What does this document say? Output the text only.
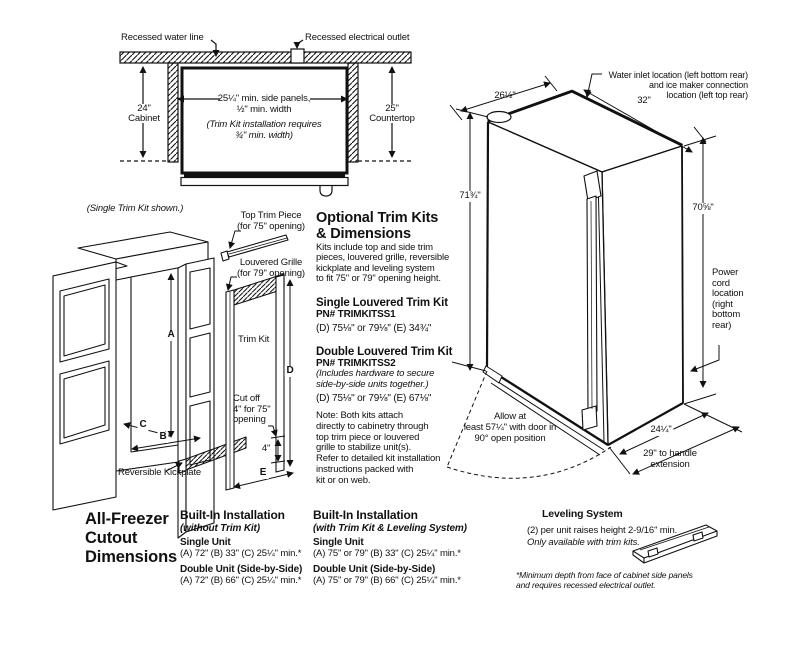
Recessed water line	Recessed electrical outlet
24"
Cabinet
25"
Countertop
25¼" min. side panels,
½" min. width
(Trim Kit installation requires
¾" min. width)
(Single Trim Kit shown.)
Top Trim Piece
(for 75" opening)
Louvered Grille
(for 79" opening)
Trim Kit
Cut off
4" for 75"
opening
4"
A
B
C
D
E
Reversible Kickplate
Optional Trim Kits
& Dimensions
Kits include top and side trim
pieces, louvered grille, reversible
kickplate and leveling system
to fit 75" or 79" opening height.
Single Louvered Trim Kit
PN# TRIMKITSS1
(D) 75⅛" or 79⅛" (E) 34¾"
Double Louvered Trim Kit
PN# TRIMKITSS2
(Includes hardware to secure
side-by-side units together.)
(D) 75⅛" or 79⅛" (E) 67⅛"
Note: Both kits attach
directly to cabinetry through
top trim piece or louvered
grille to stabilize unit(s).
Refer to detailed kit installation
instructions packed with
kit or on web.
Water inlet location (left bottom rear)
and ice maker connection
location (left top rear)
26½"	32"
71¾"
70⅝"
Power
cord
location
(right
bottom
rear)
Allow at
least 57¼" with door in
90° open position
24¼"
29" to handle
extension
All-Freezer
Cutout
Dimensions
Built-In Installation
(without Trim Kit)
Single Unit
(A) 72" (B) 33" (C) 25¼" min.*
Double Unit (Side-by-Side)
(A) 72" (B) 66" (C) 25¼" min.*
Built-In Installation
(with Trim Kit & Leveling System)
Single Unit
(A) 75" or 79" (B) 33" (C) 25¼" min.*
Double Unit (Side-by-Side)
(A) 75" or 79" (B) 66" (C) 25¼" min.*
Leveling System
(2) per unit raises height 2-9/16" min.
Only available with trim kits.
*Minimum depth from face of cabinet side panels
and requires recessed electrical outlet.
